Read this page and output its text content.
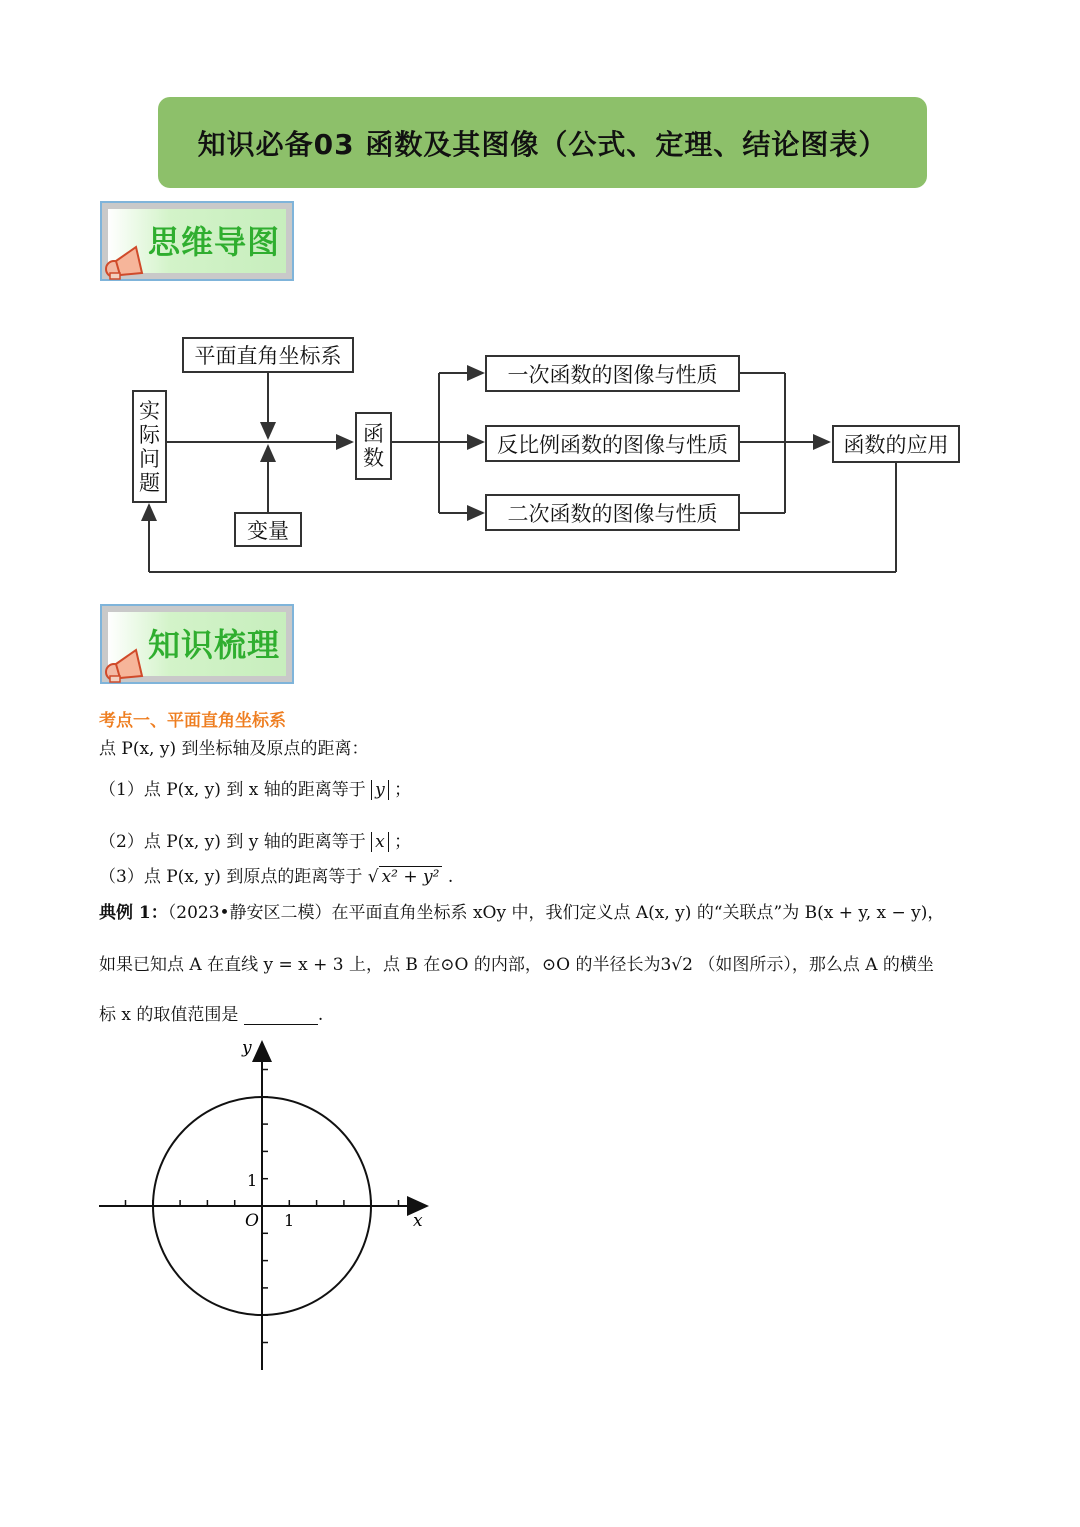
知识必备03 函数及其图像（公式、定理、结论图表）
思维导图
平面直角坐标系
实
际
问
题
变量
函
数
一次函数的图像与性质
反比例函数的图像与性质
二次函数的图像与性质
函数的应用
知识梳理
考点一、平面直角坐标系
点 P(x, y) 到坐标轴及原点的距离：
（1）点 P(x, y) 到 x 轴的距离等于 y ；
（2）点 P(x, y) 到 y 轴的距离等于 x ；
（3）点 P(x, y) 到原点的距离等于 √ x² + y² .
典例 1：（2023•静安区二模）在平面直角坐标系 xOy 中，我们定义点 A(x, y) 的“关联点”为 B(x + y, x − y)，
如果已知点 A 在直线 y = x + 3 上，点 B 在⊙O 的内部，⊙O 的半径长为3√2 （如图所示），那么点 A 的横坐
标 x 的取值范围是	.
y
x
O 1
1
